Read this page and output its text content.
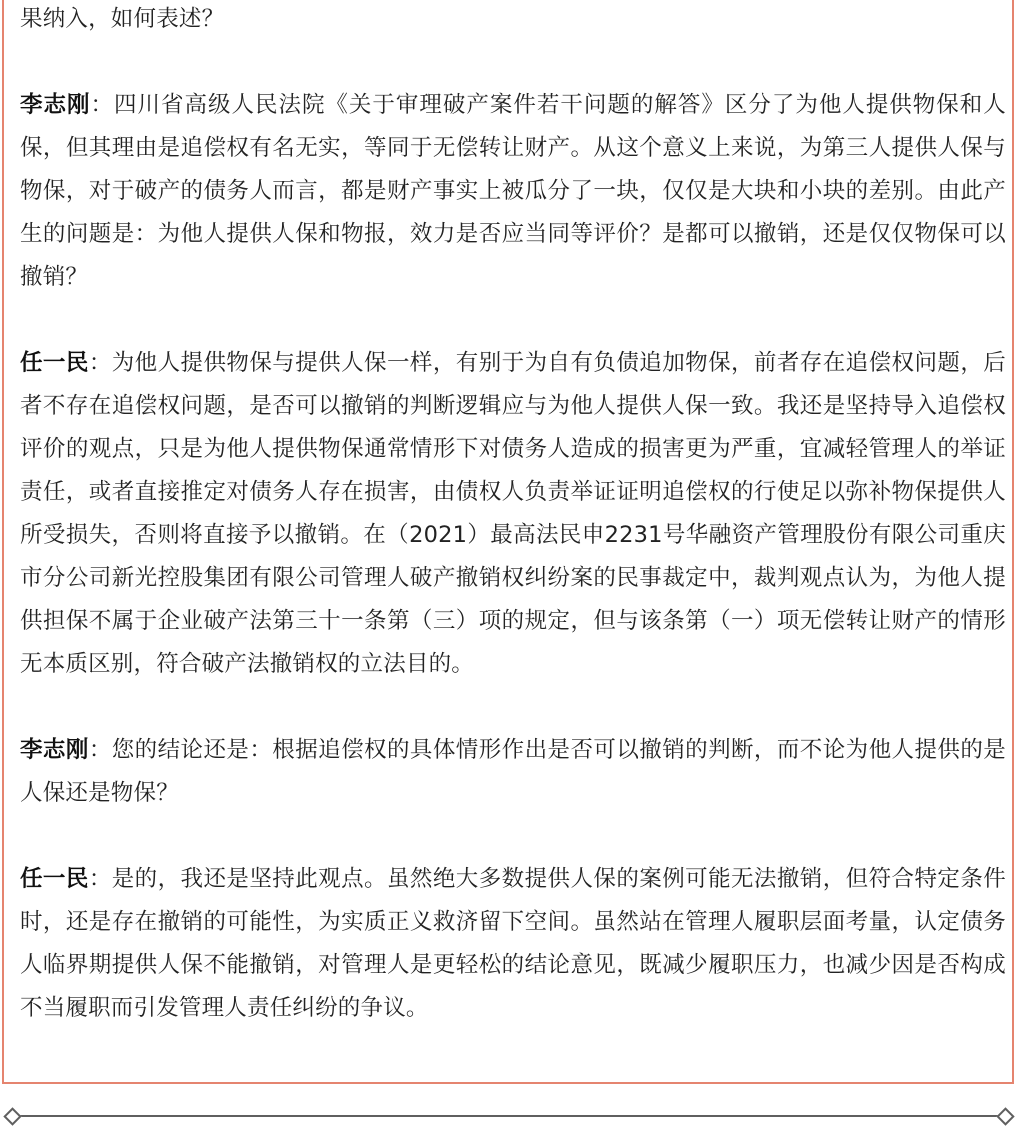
果纳入，如何表述？

李志刚：四川省高级人民法院《关于审理破产案件若干问题的解答》区分了为他人提供物保和人保，但其理由是追偿权有名无实，等同于无偿转让财产。从这个意义上来说，为第三人提供人保与物保，对于破产的债务人而言，都是财产事实上被瓜分了一块，仅仅是大块和小块的差别。由此产生的问题是：为他人提供人保和物报，效力是否应当同等评价？是都可以撤销，还是仅仅物保可以撤销？

任一民：为他人提供物保与提供人保一样，有别于为自有负债追加物保，前者存在追偿权问题，后者不存在追偿权问题，是否可以撤销的判断逻辑应与为他人提供人保一致。我还是坚持导入追偿权评价的观点，只是为他人提供物保通常情形下对债务人造成的损害更为严重，宜减轻管理人的举证责任，或者直接推定对债务人存在损害，由债权人负责举证证明追偿权的行使足以弥补物保提供人所受损失，否则将直接予以撤销。在（2021）最高法民申2231号华融资产管理股份有限公司重庆市分公司新光控股集团有限公司管理人破产撤销权纠纷案的民事裁定中，裁判观点认为，为他人提供担保不属于企业破产法第三十一条第（三）项的规定，但与该条第（一）项无偿转让财产的情形无本质区别，符合破产法撤销权的立法目的。

李志刚：您的结论还是：根据追偿权的具体情形作出是否可以撤销的判断，而不论为他人提供的是人保还是物保？

任一民：是的，我还是坚持此观点。虽然绝大多数提供人保的案例可能无法撤销，但符合特定条件时，还是存在撤销的可能性，为实质正义救济留下空间。虽然站在管理人履职层面考量，认定债务人临界期提供人保不能撤销，对管理人是更轻松的结论意见，既减少履职压力，也减少因是否构成不当履职而引发管理人责任纠纷的争议。
